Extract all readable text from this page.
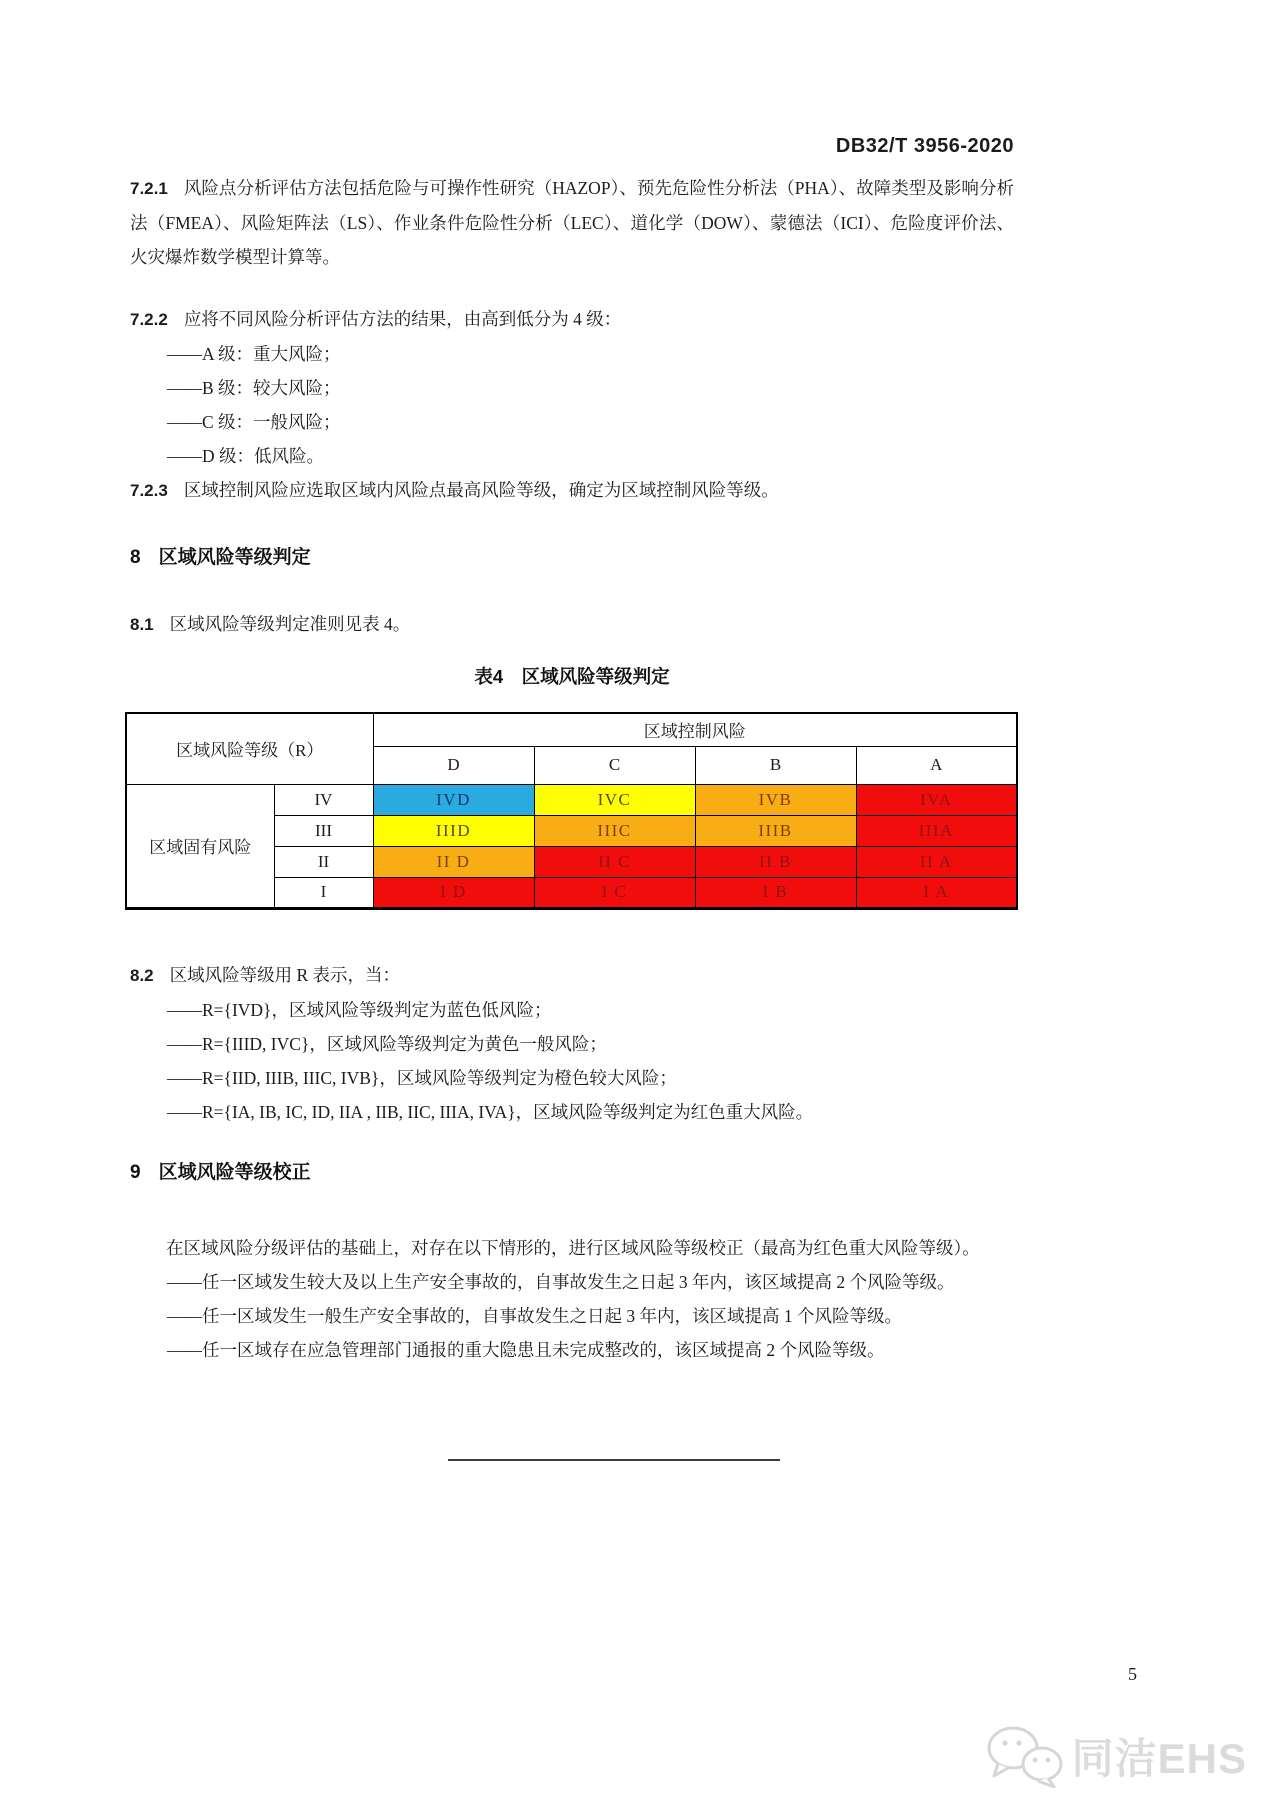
DB32/T 3956-2020

7.2.1 风险点分析评估方法包括危险与可操作性研究（HAZOP）、预先危险性分析法（PHA）、故障类型及影响分析法（FMEA）、风险矩阵法（LS）、作业条件危险性分析（LEC）、道化学（DOW）、蒙德法（ICI）、危险度评价法、火灾爆炸数学模型计算等。

7.2.2 应将不同风险分析评估方法的结果，由高到低分为 4 级：

——A 级：重大风险；
——B 级：较大风险；
——C 级：一般风险；
——D 级：低风险。

7.2.3 区域控制风险应选取区域内风险点最高风险等级，确定为区域控制风险等级。

8 区域风险等级判定

8.1 区域风险等级判定准则见表 4。

表4　区域风险等级判定
区域风险等级（R）		区域控制风险			
		D	C	B	A
区域固有风险	IV	IVD	IVC	IVB	IVA
	III	IIID	IIIC	IIIB	IIIA
	II	II D	II C	II B	II A
	I	I D	I C	I B	I A

8.2 区域风险等级用 R 表示，当：

——R={IVD}，区域风险等级判定为蓝色低风险；
——R={IIID, IVC}，区域风险等级判定为黄色一般风险；
——R={IID, IIIB, IIIC, IVB}，区域风险等级判定为橙色较大风险；
——R={IA, IB, IC, ID, IIA , IIB, IIC, IIIA, IVA}，区域风险等级判定为红色重大风险。
9 区域风险等级校正

在区域风险分级评估的基础上，对存在以下情形的，进行区域风险等级校正（最高为红色重大风险等级）。

——任一区域发生较大及以上生产安全事故的，自事故发生之日起 3 年内，该区域提高 2 个风险等级。
——任一区域发生一般生产安全事故的，自事故发生之日起 3 年内，该区域提高 1 个风险等级。
——任一区域存在应急管理部门通报的重大隐患且未完成整改的，该区域提高 2 个风险等级。
5
同洁EHS
